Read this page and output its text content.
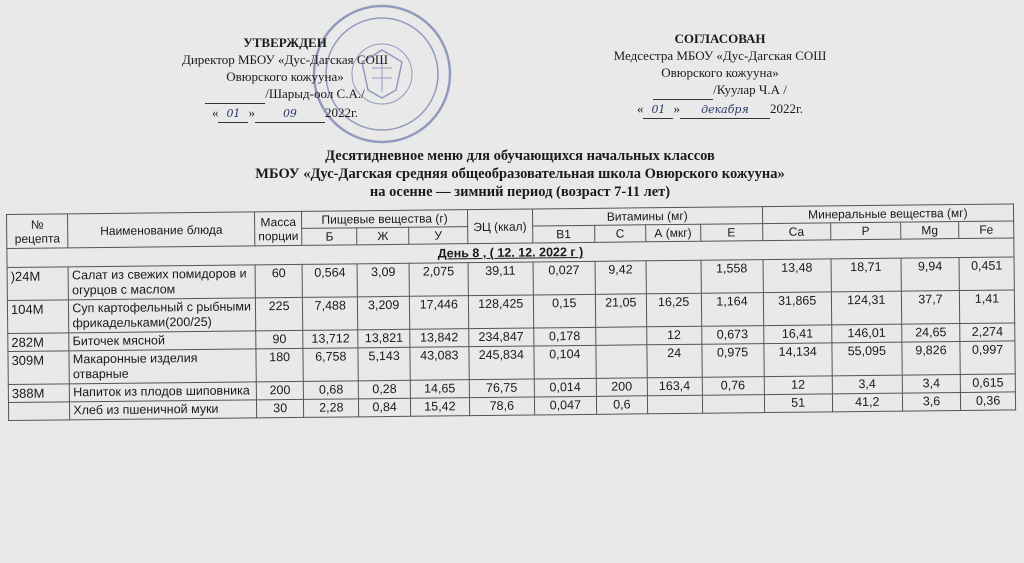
УТВЕРЖДЕН
Директор МБОУ «Дус-Дагская СОШ
Овюрского кожууна»
/Шарыд-оол С.А./
« 01 »	09 2022г.
СОГЛАСОВАН
Медсестра МБОУ «Дус-Дагская СОШ
Овюрского кожууна»
/Куулар Ч.А /
« 01 » декабря 2022г.
Десятидневное меню для обучающихся начальных классов
МБОУ «Дус-Дагская средняя общеобразовательная школа Овюрского кожууна»
на осенне — зимний период (возраст 7-11 лет)
№ рецепта	Наименование блюда	Масса порции	Пищевые вещества (г)			ЭЦ (ккал)	Витамины (мг)				Минеральные вещества (мг)			
			Б	Ж	У		В1	С	А (мкг)	Е	Са	Р	Mg	Fe
День 8 , ( 12. 12. 2022 г )														
)24М	Салат из свежих помидоров и огурцов с маслом	60	0,564	3,09	2,075	39,11	0,027	9,42		1,558	13,48	18,71	9,94	0,451
104М	Суп картофельный с рыбными фрикадельками(200/25)	225	7,488	3,209	17,446	128,425	0,15	21,05	16,25	1,164	31,865	124,31	37,7	1,41
282М	Биточек мясной	90	13,712	13,821	13,842	234,847	0,178		12	0,673	16,41	146,01	24,65	2,274
309М	Макаронные изделия отварные	180	6,758	5,143	43,083	245,834	0,104		24	0,975	14,134	55,095	9,826	0,997
388М	Напиток из плодов шиповника	200	0,68	0,28	14,65	76,75	0,014	200	163,4	0,76	12	3,4	3,4	0,615
	Хлеб из пшеничной муки	30	2,28	0,84	15,42	78,6	0,047	0,6			51	41,2	3,6	0,36
